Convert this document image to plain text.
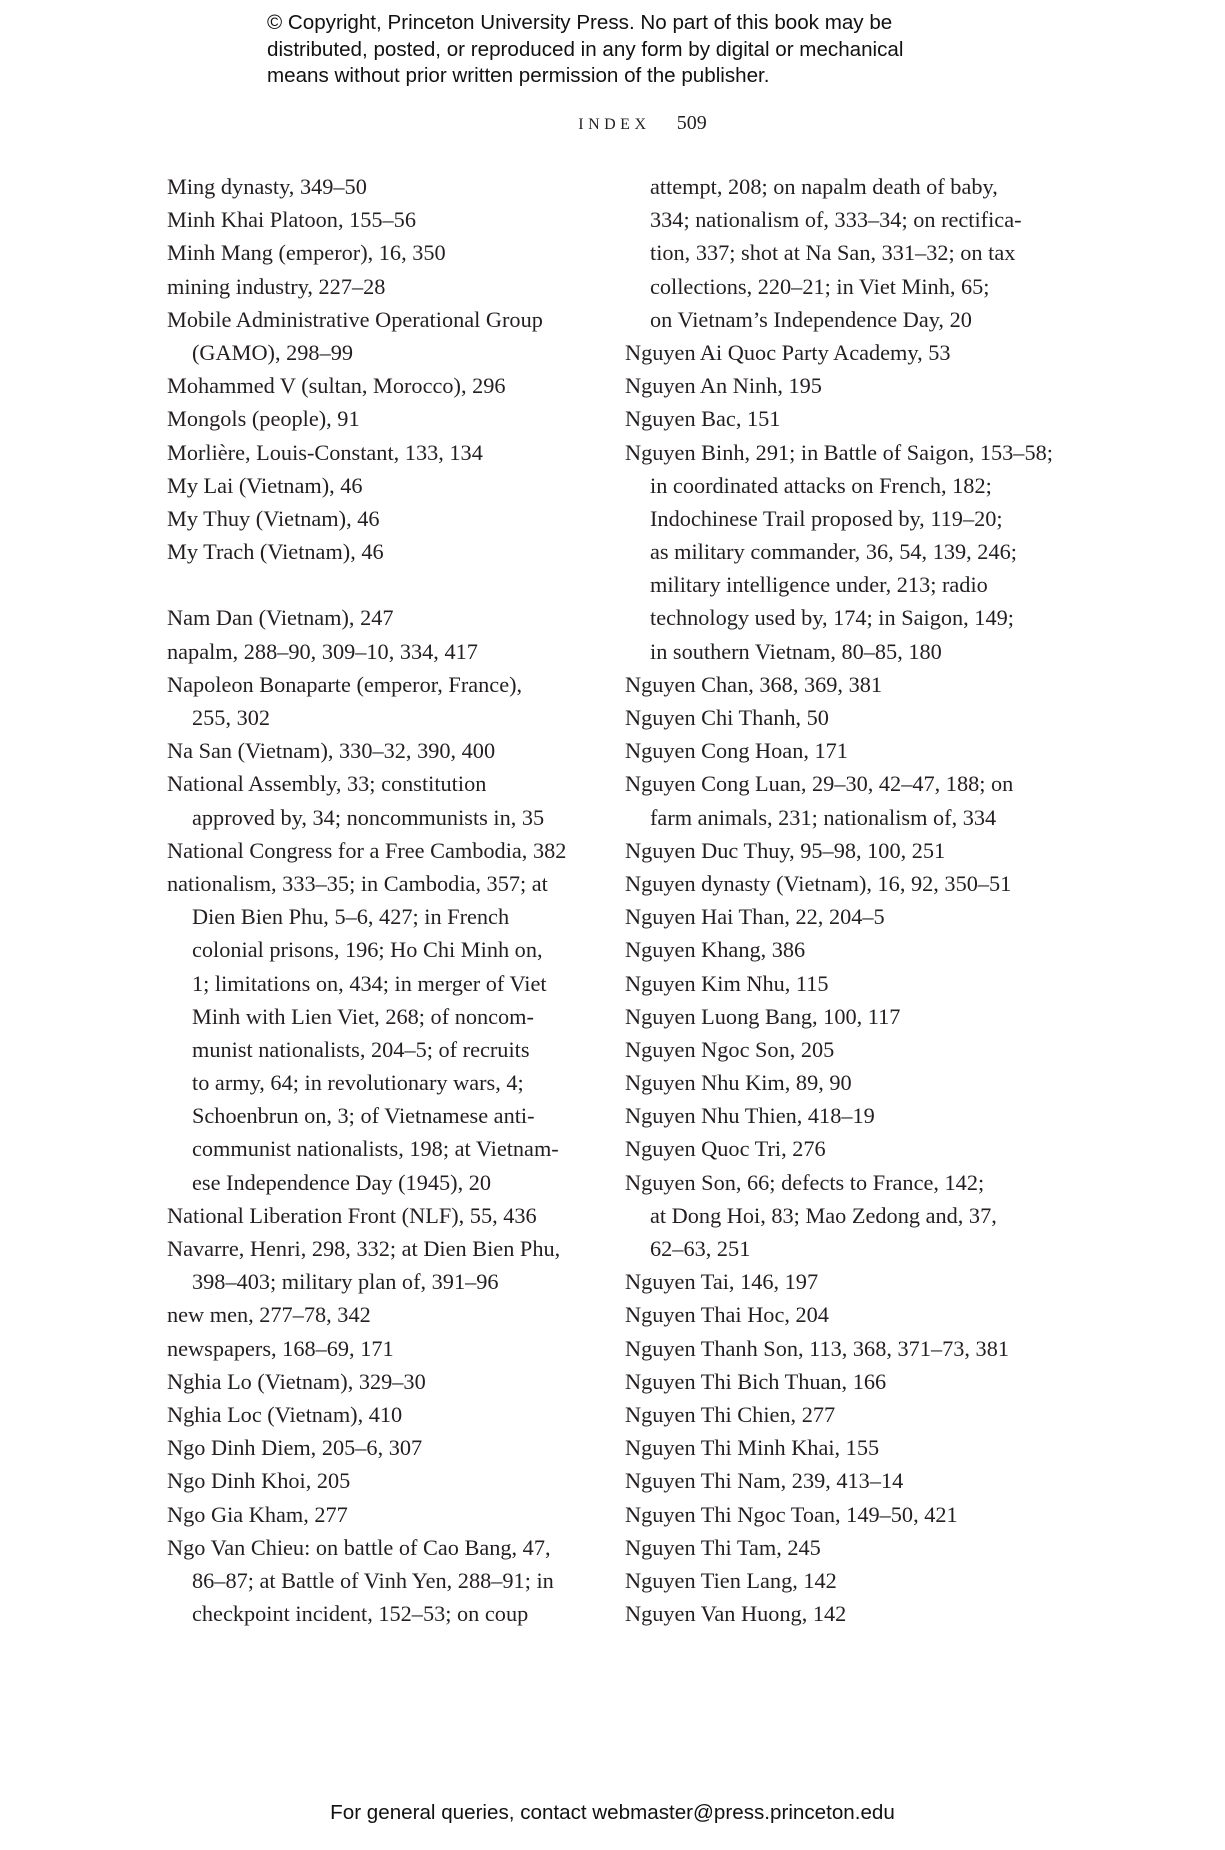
© Copyright, Princeton University Press. No part of this book may be
distributed, posted, or reproduced in any form by digital or mechanical
means without prior written permission of the publisher.
INDEX 509
Ming dynasty, 349–50
Minh Khai Platoon, 155–56
Minh Mang (emperor), 16, 350
mining industry, 227–28
Mobile Administrative Operational Group
(GAMO), 298–99
Mohammed V (sultan, Morocco), 296
Mongols (people), 91
Morlière, Louis-Constant, 133, 134
My Lai (Vietnam), 46
My Thuy (Vietnam), 46
My Trach (Vietnam), 46
Nam Dan (Vietnam), 247
napalm, 288–90, 309–10, 334, 417
Napoleon Bonaparte (emperor, France),
255, 302
Na San (Vietnam), 330–32, 390, 400
National Assembly, 33; constitution
approved by, 34; noncommunists in, 35
National Congress for a Free Cambodia, 382
nationalism, 333–35; in Cambodia, 357; at
Dien Bien Phu, 5–6, 427; in French
colonial prisons, 196; Ho Chi Minh on,
1; limitations on, 434; in merger of Viet
Minh with Lien Viet, 268; of noncom-
munist nationalists, 204–5; of recruits
to army, 64; in revolutionary wars, 4;
Schoenbrun on, 3; of Vietnamese anti-
communist nationalists, 198; at Vietnam-
ese Independence Day (1945), 20
National Liberation Front (NLF), 55, 436
Navarre, Henri, 298, 332; at Dien Bien Phu,
398–403; military plan of, 391–96
new men, 277–78, 342
newspapers, 168–69, 171
Nghia Lo (Vietnam), 329–30
Nghia Loc (Vietnam), 410
Ngo Dinh Diem, 205–6, 307
Ngo Dinh Khoi, 205
Ngo Gia Kham, 277
Ngo Van Chieu: on battle of Cao Bang, 47,
86–87; at Battle of Vinh Yen, 288–91; in
checkpoint incident, 152–53; on coup
attempt, 208; on napalm death of baby,
334; nationalism of, 333–34; on rectifica-
tion, 337; shot at Na San, 331–32; on tax
collections, 220–21; in Viet Minh, 65;
on Vietnam’s Independence Day, 20
Nguyen Ai Quoc Party Academy, 53
Nguyen An Ninh, 195
Nguyen Bac, 151
Nguyen Binh, 291; in Battle of Saigon, 153–58;
in coordinated attacks on French, 182;
Indochinese Trail proposed by, 119–20;
as military commander, 36, 54, 139, 246;
military intelligence under, 213; radio
technology used by, 174; in Saigon, 149;
in southern Vietnam, 80–85, 180
Nguyen Chan, 368, 369, 381
Nguyen Chi Thanh, 50
Nguyen Cong Hoan, 171
Nguyen Cong Luan, 29–30, 42–47, 188; on
farm animals, 231; nationalism of, 334
Nguyen Duc Thuy, 95–98, 100, 251
Nguyen dynasty (Vietnam), 16, 92, 350–51
Nguyen Hai Than, 22, 204–5
Nguyen Khang, 386
Nguyen Kim Nhu, 115
Nguyen Luong Bang, 100, 117
Nguyen Ngoc Son, 205
Nguyen Nhu Kim, 89, 90
Nguyen Nhu Thien, 418–19
Nguyen Quoc Tri, 276
Nguyen Son, 66; defects to France, 142;
at Dong Hoi, 83; Mao Zedong and, 37,
62–63, 251
Nguyen Tai, 146, 197
Nguyen Thai Hoc, 204
Nguyen Thanh Son, 113, 368, 371–73, 381
Nguyen Thi Bich Thuan, 166
Nguyen Thi Chien, 277
Nguyen Thi Minh Khai, 155
Nguyen Thi Nam, 239, 413–14
Nguyen Thi Ngoc Toan, 149–50, 421
Nguyen Thi Tam, 245
Nguyen Tien Lang, 142
Nguyen Van Huong, 142
For general queries, contact webmaster@press.princeton.edu
